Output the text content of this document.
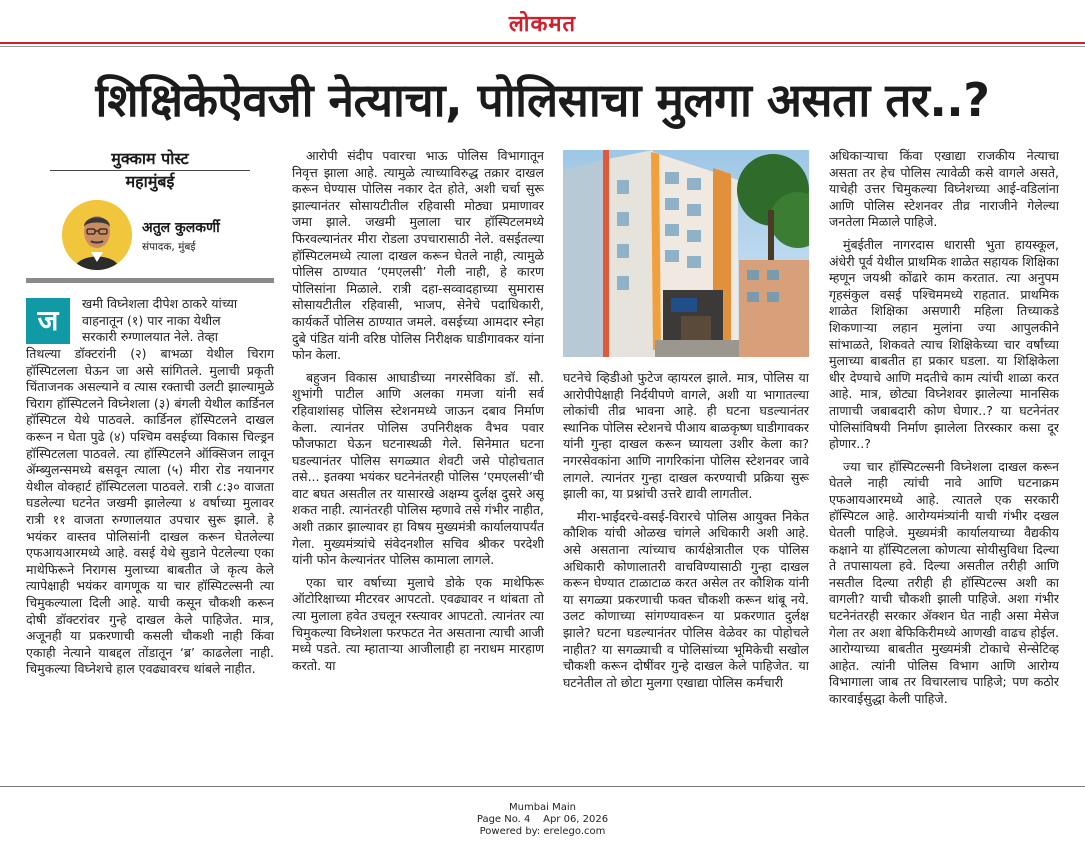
लोकमत
शिक्षिकेऐवजी नेत्याचा, पोलिसाचा मुलगा असता तर..?
मुक्काम पोस्ट
महामुंबई
अतुल कुलकर्णी
संपादक, मुंबई
ज

खमी विघ्नेशला दीपेश ठाकरे यांच्या

वाहनातून (१) पार नाका येथील

सरकारी रुग्णालयात नेले. तेव्हा

तिथल्या डॉक्टरांनी (२) बाभळा येथील चिराग हॉस्पिटलला घेऊन जा असे सांगितले. मुलाची प्रकृती चिंताजनक असल्याने व त्यास रक्ताची उलटी झाल्यामुळे चिराग हॉस्पिटलने विघ्नेशला (३) बंगली येथील कार्डिनल हॉस्पिटल येथे पाठवले. कार्डिनल हॉस्पिटलने दाखल करून न घेता पुढे (४) पश्चिम वसईच्या विकास चिल्ड्रन हॉस्पिटलला पाठवले. त्या हॉस्पिटलने ऑक्सिजन लावून ॲम्ब्युलन्समध्ये बसवून त्याला (५) मीरा रोड नयानगर येथील वोक्हार्ट हॉस्पिटलला पाठवले. रात्री ८:३० वाजता घडलेल्या घटनेत जखमी झालेल्या ४ वर्षाच्या मुलावर रात्री ११ वाजता रुग्णालयात उपचार सुरू झाले. हे भयंकर वास्तव पोलिसांनी दाखल करून घेतलेल्या एफआयआरमध्ये आहे. वसई येथे सुडाने पेटलेल्या एका माथेफिरूने निरागस मुलाच्या बाबतीत जे कृत्य केले त्यापेक्षाही भयंकर वागणूक या चार हॉस्पिटल्सनी त्या चिमुकल्याला दिली आहे. याची कसून चौकशी करून दोषी डॉक्टरांवर गुन्हे दाखल केले पाहिजेत. मात्र, अजूनही या प्रकरणाची कसली चौकशी नाही किंवा एकाही नेत्याने याबद्दल तोंडातून ‘ब्र’ काढलेला नाही. चिमुकल्या विघ्नेशचे हाल एवढ्यावरच थांबले नाहीत.

आरोपी संदीप पवारचा भाऊ पोलिस विभागातून निवृत्त झाला आहे. त्यामुळे त्याच्याविरुद्ध तक्रार दाखल करून घेण्यास पोलिस नकार देत होते, अशी चर्चा सुरू झाल्यानंतर सोसायटीतील रहिवासी मोठ्या प्रमाणावर जमा झाले. जखमी मुलाला चार हॉस्पिटलमध्ये फिरवल्यानंतर मीरा रोडला उपचारासाठी नेले. वसईतल्या हॉस्पिटलमध्ये त्याला दाखल करून घेतले नाही, त्यामुळे पोलिस ठाण्यात ‘एमएलसी’ गेली नाही, हे कारण पोलिसांना मिळाले. रात्री दहा-सव्वादहाच्या सुमारास सोसायटीतील रहिवासी, भाजप, सेनेचे पदाधिकारी, कार्यकर्ते पोलिस ठाण्यात जमले. वसईच्या आमदार स्नेहा दुबे पंडित यांनी वरिष्ठ पोलिस निरीक्षक घाडीगावकर यांना फोन केला.

बहुजन विकास आघाडीच्या नगरसेविका डॉ. सौ. शुभांगी पाटील आणि अलका गमजा यांनी सर्व रहिवाशांसह पोलिस स्टेशनमध्ये जाऊन दबाव निर्माण केला. त्यानंतर पोलिस उपनिरीक्षक वैभव पवार फौजफाटा घेऊन घटनास्थळी गेले. सिनेमात घटना घडल्यानंतर पोलिस सगळ्यात शेवटी जसे पोहोचतात तसे... इतक्या भयंकर घटनेनंतरही पोलिस ‘एमएलसी’ची वाट बघत असतील तर यासारखे अक्षम्य दुर्लक्ष दुसरे असू शकत नाही. त्यानंतरही पोलिस म्हणावे तसे गंभीर नाहीत, अशी तक्रार झाल्यावर हा विषय मुख्यमंत्री कार्यालयापर्यंत गेला. मुख्यमंत्र्यांचे संवेदनशील सचिव श्रीकर परदेशी यांनी फोन केल्यानंतर पोलिस कामाला लागले.

एका चार वर्षाच्या मुलाचे डोके एक माथेफिरू ऑटोरिक्षाच्या मीटरवर आपटतो. एवढ्यावर न थांबता तो त्या मुलाला हवेत उचलून रस्त्यावर आपटतो. त्यानंतर त्या चिमुकल्या विघ्नेशला फरफटत नेत असताना त्याची आजी मध्ये पडते. त्या म्हाताऱ्या आजीलाही हा नराधम मारहाण करतो. या

घटनेचे व्हिडीओ फुटेज व्हायरल झाले. मात्र, पोलिस या आरोपीपेक्षाही निर्दयीपणे वागले, अशी या भागातल्या लोकांची तीव्र भावना आहे. ही घटना घडल्यानंतर स्थानिक पोलिस स्टेशनचे पीआय बाळकृष्ण घाडीगावकर यांनी गुन्हा दाखल करून घ्यायला उशीर केला का? नगरसेवकांना आणि नागरिकांना पोलिस स्टेशनवर जावे लागले. त्यानंतर गुन्हा दाखल करण्याची प्रक्रिया सुरू झाली का, या प्रश्नांची उत्तरे द्यावी लागतील.

मीरा-भाईंदरचे-वसई-विरारचे पोलिस आयुक्त निकेत कौशिक यांची ओळख चांगले अधिकारी अशी आहे. असे असताना त्यांच्याच कार्यक्षेत्रातील एक पोलिस अधिकारी कोणालातरी वाचविण्यासाठी गुन्हा दाखल करून घेण्यात टाळाटाळ करत असेल तर कौशिक यांनी या सगळ्या प्रकरणाची फक्त चौकशी करून थांबू नये. उलट कोणाच्या सांगण्यावरून या प्रकरणात दुर्लक्ष झाले? घटना घडल्यानंतर पोलिस वेळेवर का पोहोचले नाहीत? या सगळ्याची व पोलिसांच्या भूमिकेची सखोल चौकशी करून दोषींवर गुन्हे दाखल केले पाहिजेत. या घटनेतील तो छोटा मुलगा एखाद्या पोलिस कर्मचारी

अधिकाऱ्याचा किंवा एखाद्या राजकीय नेत्याचा असता तर हेच पोलिस त्यावेळी कसे वागले असते, याचेही उत्तर चिमुकल्या विघ्नेशच्या आई-वडिलांना आणि पोलिस स्टेशनवर तीव्र नाराजीने गेलेल्या जनतेला मिळाले पाहिजे.

मुंबईतील नागरदास धारासी भुता हायस्कूल, अंधेरी पूर्व येथील प्राथमिक शाळेत सहायक शिक्षिका म्हणून जयश्री कोंढारे काम करतात. त्या अनुपम गृहसंकुल वसई पश्चिममध्ये राहतात. प्राथमिक शाळेत शिक्षिका असणारी महिला तिच्याकडे शिकणाऱ्या लहान मुलांना ज्या आपुलकीने सांभाळते, शिकवते त्याच शिक्षिकेच्या चार वर्षांच्या मुलाच्या बाबतीत हा प्रकार घडला. या शिक्षिकेला धीर देण्याचे आणि मदतीचे काम त्यांची शाळा करत आहे. मात्र, छोट्या विघ्नेशवर झालेल्या मानसिक ताणाची जबाबदारी कोण घेणार..? या घटनेनंतर पोलिसांविषयी निर्माण झालेला तिरस्कार कसा दूर होणार..?

ज्या चार हॉस्पिटल्सनी विघ्नेशला दाखल करून घेतले नाही त्यांची नावे आणि घटनाक्रम एफआयआरमध्ये आहे. त्यातले एक सरकारी हॉस्पिटल आहे. आरोग्यमंत्र्यांनी याची गंभीर दखल घेतली पाहिजे. मुख्यमंत्री कार्यालयाच्या वैद्यकीय कक्षाने या हॉस्पिटलला कोणत्या सोयीसुविधा दिल्या ते तपासायला हवे. दिल्या असतील तरीही आणि नसतील दिल्या तरीही ही हॉस्पिटल्स अशी का वागली? याची चौकशी झाली पाहिजे. अशा गंभीर घटनेनंतरही सरकार ॲक्शन घेत नाही असा मेसेज गेला तर अशा बेफिकिरीमध्ये आणखी वाढच होईल. आरोग्याच्या बाबतीत मुख्यमंत्री टोकाचे सेन्सेटिव्ह आहेत. त्यांनी पोलिस विभाग आणि आरोग्य विभागाला जाब तर विचारलाच पाहिजे; पण कठोर कारवाईसुद्धा केली पाहिजे.

Mumbai Main
Page No. 4    Apr 06, 2026
Powered by: erelego.com
